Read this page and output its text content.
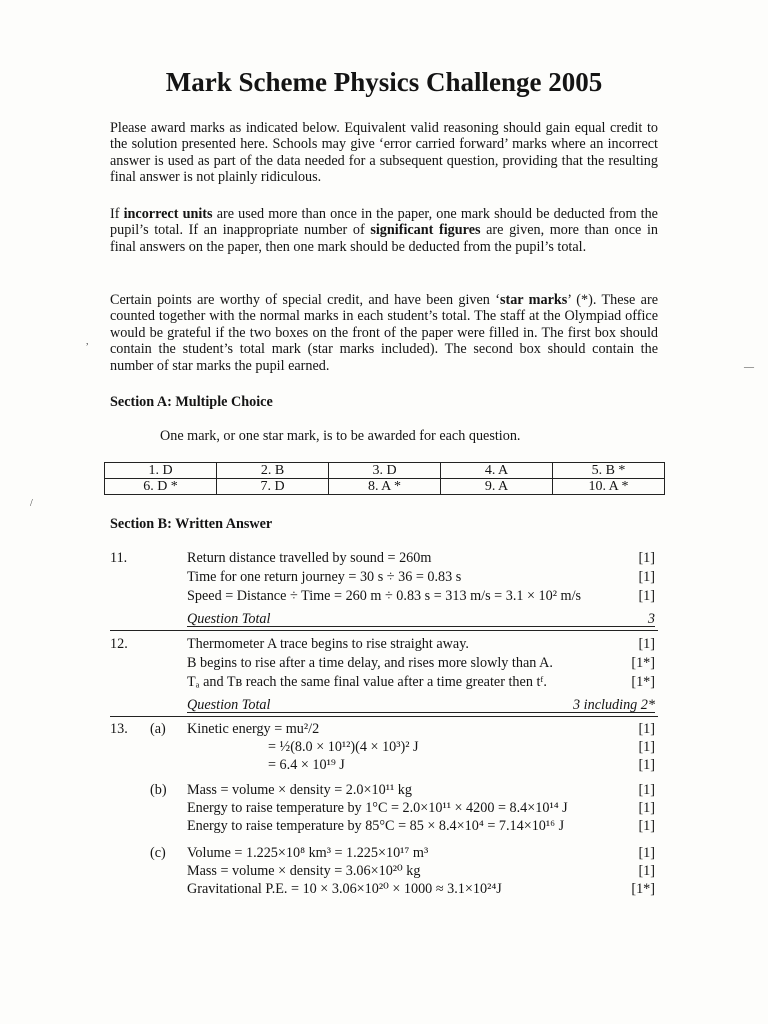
Mark Scheme Physics Challenge 2005
Please award marks as indicated below. Equivalent valid reasoning should gain equal credit to the solution presented here. Schools may give ‘error carried forward’ marks where an incorrect answer is used as part of the data needed for a subsequent question, providing that the resulting final answer is not plainly ridiculous.
If incorrect units are used more than once in the paper, one mark should be deducted from the pupil’s total. If an inappropriate number of significant figures are given, more than once in final answers on the paper, then one mark should be deducted from the pupil’s total.
Certain points are worthy of special credit, and have been given ‘star marks’ (*). These are counted together with the normal marks in each student’s total. The staff at the Olympiad office would be grateful if the two boxes on the front of the paper were filled in. The first box should contain the student’s total mark (star marks included). The second box should contain the number of star marks the pupil earned.
Section A: Multiple Choice
One mark, or one star mark, is to be awarded for each question.
1. D	2. B	3. D	4. A	5. B *
6. D *	7. D	8. A *	9. A	10. A *
Section B: Written Answer
11.	Return distance travelled by sound = 260m	[1]
Time for one return journey = 30 s ÷ 36 = 0.83 s	[1]
Speed = Distance ÷ Time = 260 m ÷ 0.83 s = 313 m/s = 3.1 × 10² m/s	[1]
Question Total	3
12.	Thermometer A trace begins to rise straight away.	[1]
B begins to rise after a time delay, and rises more slowly than A.	[1*]
Tₐ and Tʙ reach the same final value after a time greater then tᶠ.	[1*]
Question Total	3 including 2*
13. (a) Kinetic energy = mu²/2	[1]
= ½(8.0 × 10¹²)(4 × 10³)² J	[1]
= 6.4 × 10¹⁹ J	[1]
(b) Mass = volume × density = 2.0×10¹¹ kg	[1]
Energy to raise temperature by 1°C = 2.0×10¹¹ × 4200 = 8.4×10¹⁴ J	[1]
Energy to raise temperature by 85°C = 85 × 8.4×10⁴ = 7.14×10¹⁶ J	[1]
(c) Volume = 1.225×10⁸ km³ = 1.225×10¹⁷ m³	[1]
Mass = volume × density = 3.06×10²⁰ kg	[1]
Gravitational P.E. = 10 × 3.06×10²⁰ × 1000 ≈ 3.1×10²⁴J	[1*]
—
,
/
